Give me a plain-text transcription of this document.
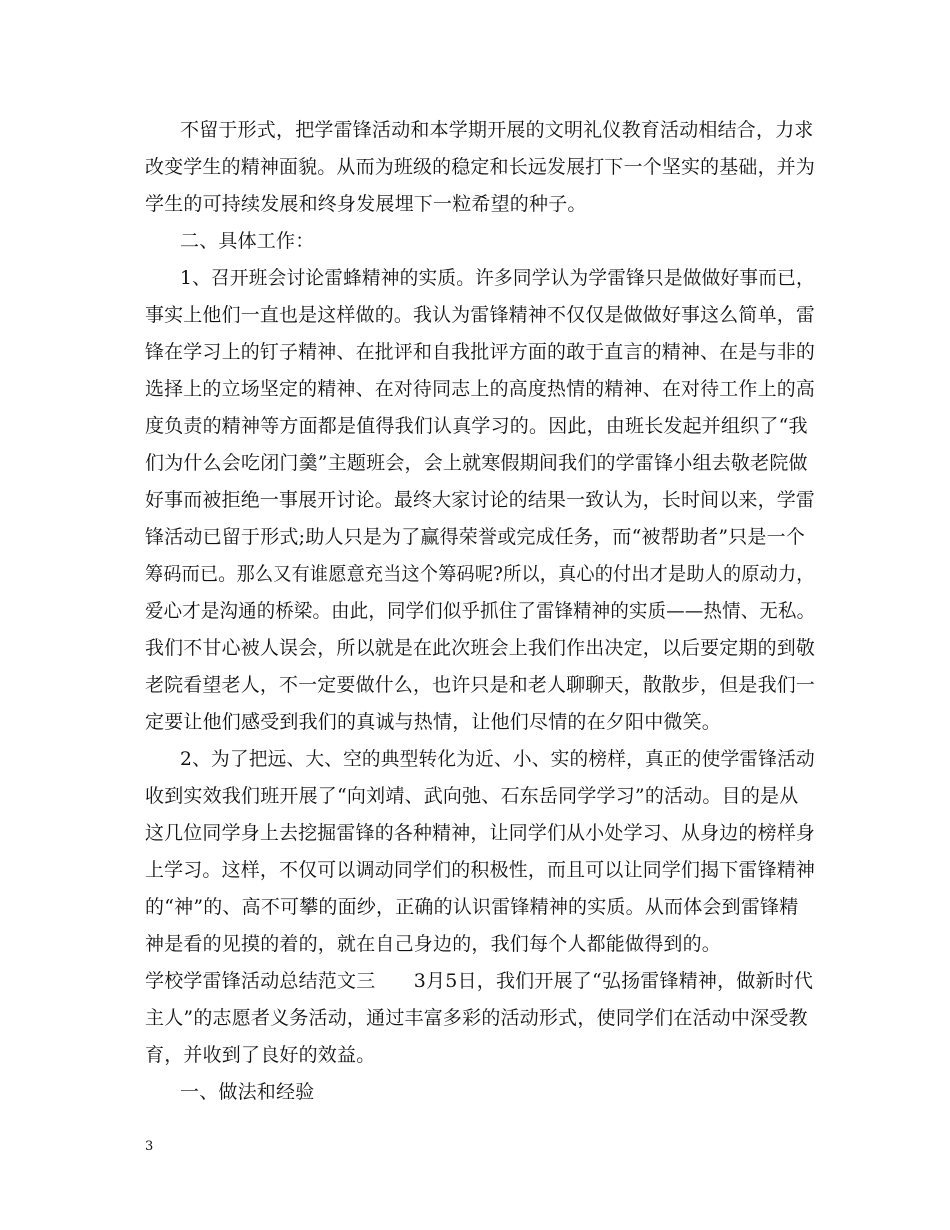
不留于形式，把学雷锋活动和本学期开展的文明礼仪教育活动相结合，力求
改变学生的精神面貌。从而为班级的稳定和长远发展打下一个坚实的基础，并为
学生的可持续发展和终身发展埋下一粒希望的种子。
二、具体工作：
1、召开班会讨论雷蜂精神的实质。许多同学认为学雷锋只是做做好事而已，
事实上他们一直也是这样做的。我认为雷锋精神不仅仅是做做好事这么简单，雷
锋在学习上的钉子精神、在批评和自我批评方面的敢于直言的精神、在是与非的
选择上的立场坚定的精神、在对待同志上的高度热情的精神、在对待工作上的高
度负责的精神等方面都是值得我们认真学习的。因此，由班长发起并组织了“我
们为什么会吃闭门羹”主题班会，会上就寒假期间我们的学雷锋小组去敬老院做
好事而被拒绝一事展开讨论。最终大家讨论的结果一致认为，长时间以来，学雷
锋活动已留于形式;助人只是为了赢得荣誉或完成任务，而“被帮助者”只是一个
筹码而已。那么又有谁愿意充当这个筹码呢?所以，真心的付出才是助人的原动力，
爱心才是沟通的桥梁。由此，同学们似乎抓住了雷锋精神的实质——热情、无私。
我们不甘心被人误会，所以就是在此次班会上我们作出决定，以后要定期的到敬
老院看望老人，不一定要做什么，也许只是和老人聊聊天，散散步，但是我们一
定要让他们感受到我们的真诚与热情，让他们尽情的在夕阳中微笑。
2、为了把远、大、空的典型转化为近、小、实的榜样，真正的使学雷锋活动
收到实效我们班开展了“向刘靖、武向弛、石东岳同学学习”的活动。目的是从
这几位同学身上去挖掘雷锋的各种精神，让同学们从小处学习、从身边的榜样身
上学习。这样，不仅可以调动同学们的积极性，而且可以让同学们揭下雷锋精神
的“神”的、高不可攀的面纱，正确的认识雷锋精神的实质。从而体会到雷锋精
神是看的见摸的着的，就在自己身边的，我们每个人都能做得到的。
学校学雷锋活动总结范文三　　3月5日，我们开展了“弘扬雷锋精神，做新时代
主人”的志愿者义务活动，通过丰富多彩的活动形式，使同学们在活动中深受教
育，并收到了良好的效益。
一、做法和经验
3
